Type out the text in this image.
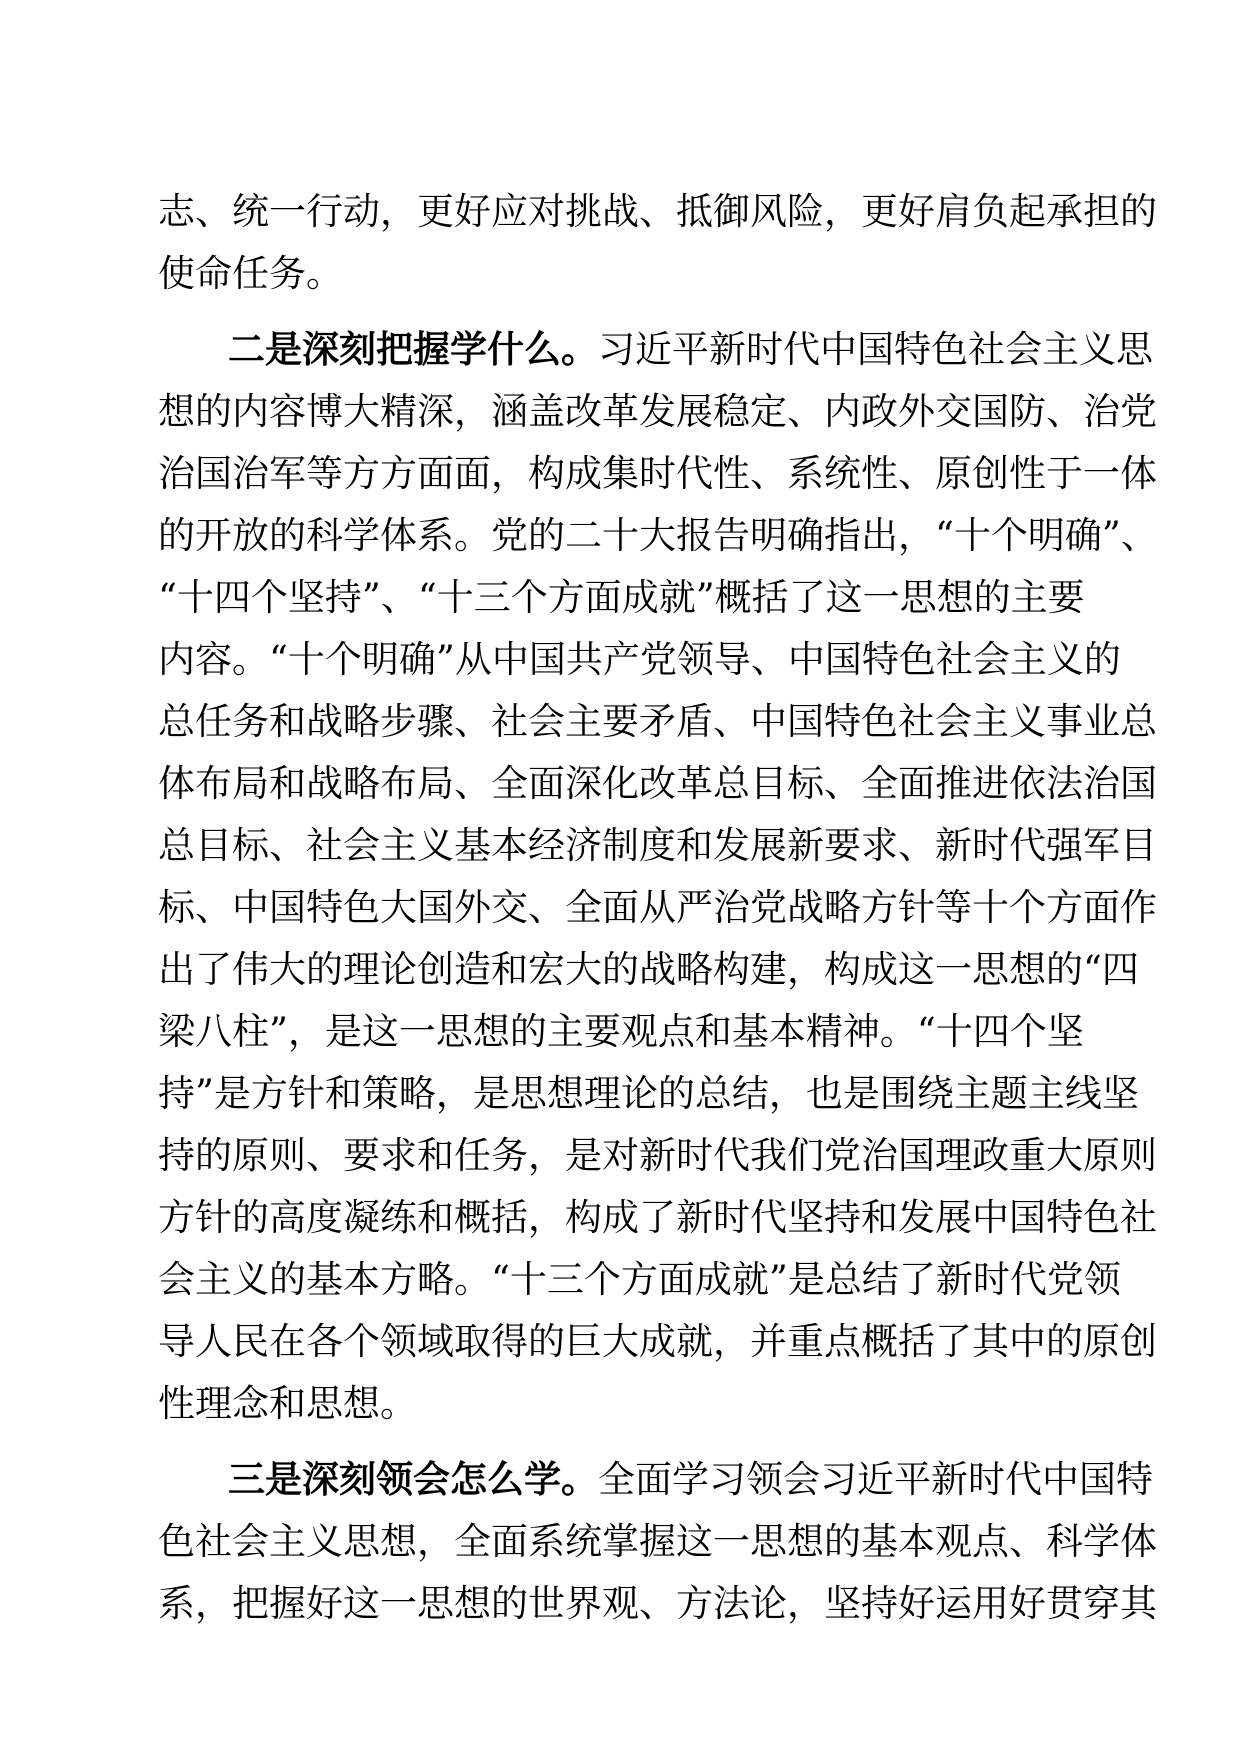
志、统一行动，更好应对挑战、抵御风险，更好肩负起承担的
使命任务。
二是深刻把握学什么。习近平新时代中国特色社会主义思
想的内容博大精深，涵盖改革发展稳定、内政外交国防、治党
治国治军等方方面面，构成集时代性、系统性、原创性于一体
的开放的科学体系。党的二十大报告明确指出，“十个明确”、
“十四个坚持”、“十三个方面成就”概括了这一思想的主要
内容。“十个明确”从中国共产党领导、中国特色社会主义的
总任务和战略步骤、社会主要矛盾、中国特色社会主义事业总
体布局和战略布局、全面深化改革总目标、全面推进依法治国
总目标、社会主义基本经济制度和发展新要求、新时代强军目
标、中国特色大国外交、全面从严治党战略方针等十个方面作
出了伟大的理论创造和宏大的战略构建，构成这一思想的“四
梁八柱”，是这一思想的主要观点和基本精神。“十四个坚
持”是方针和策略，是思想理论的总结，也是围绕主题主线坚
持的原则、要求和任务，是对新时代我们党治国理政重大原则
方针的高度凝练和概括，构成了新时代坚持和发展中国特色社
会主义的基本方略。“十三个方面成就”是总结了新时代党领
导人民在各个领域取得的巨大成就，并重点概括了其中的原创
性理念和思想。
三是深刻领会怎么学。全面学习领会习近平新时代中国特
色社会主义思想，全面系统掌握这一思想的基本观点、科学体
系，把握好这一思想的世界观、方法论，坚持好运用好贯穿其
